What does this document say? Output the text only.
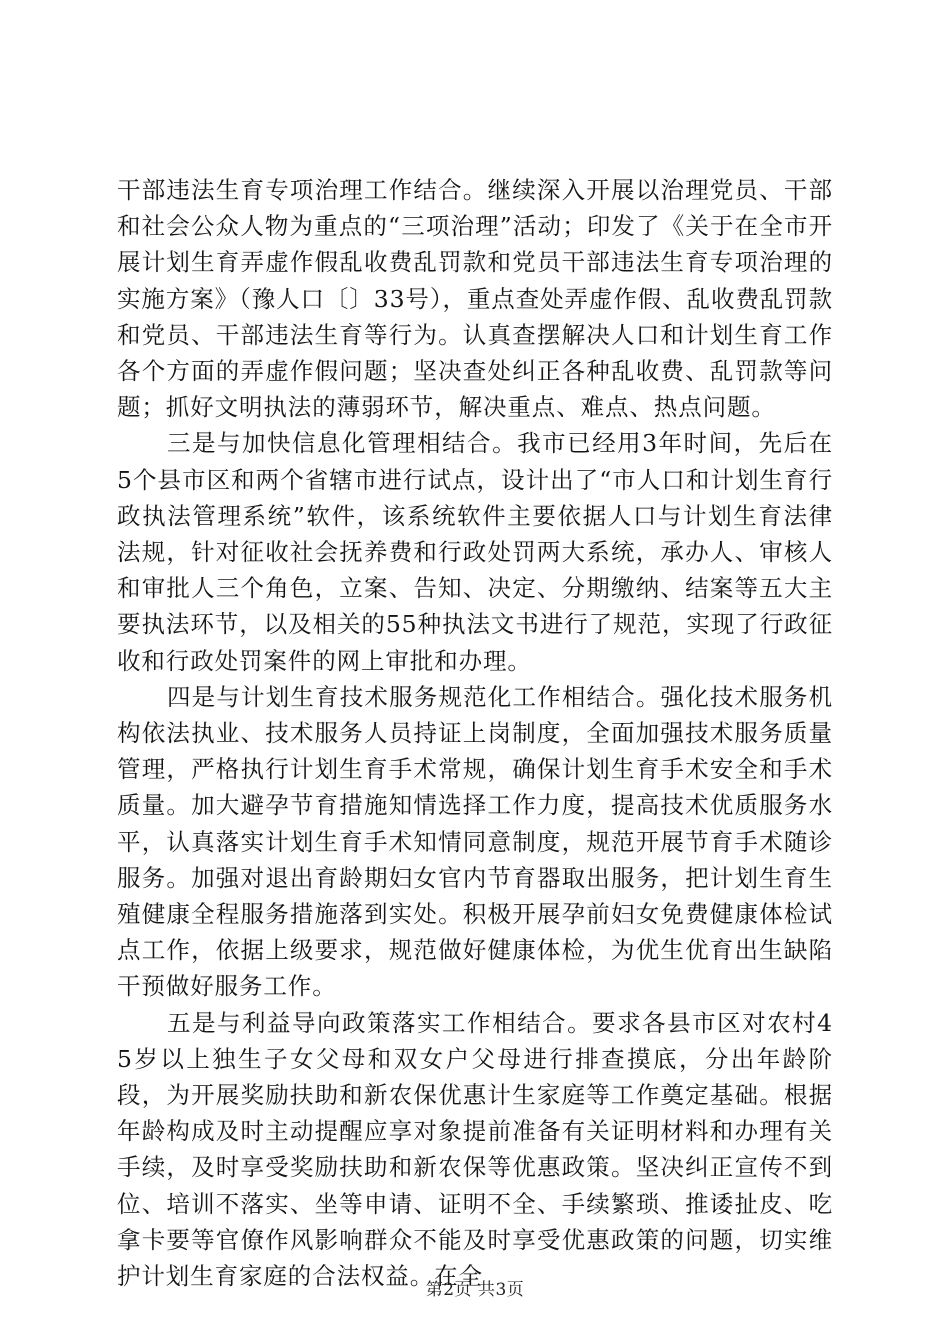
干部违法生育专项治理工作结合。继续深入开展以治理党员、干部和社会公众人物为重点的“三项治理”活动；印发了《关于在全市开展计划生育弄虚作假乱收费乱罚款和党员干部违法生育专项治理的实施方案》（豫人口〔〕33号），重点查处弄虚作假、乱收费乱罚款和党员、干部违法生育等行为。认真查摆解决人口和计划生育工作各个方面的弄虚作假问题；坚决查处纠正各种乱收费、乱罚款等问题；抓好文明执法的薄弱环节，解决重点、难点、热点问题。

三是与加快信息化管理相结合。我市已经用3年时间，先后在5个县市区和两个省辖市进行试点，设计出了“市人口和计划生育行政执法管理系统”软件，该系统软件主要依据人口与计划生育法律法规，针对征收社会抚养费和行政处罚两大系统，承办人、审核人和审批人三个角色，立案、告知、决定、分期缴纳、结案等五大主要执法环节，以及相关的55种执法文书进行了规范，实现了行政征收和行政处罚案件的网上审批和办理。

四是与计划生育技术服务规范化工作相结合。强化技术服务机构依法执业、技术服务人员持证上岗制度，全面加强技术服务质量管理，严格执行计划生育手术常规，确保计划生育手术安全和手术质量。加大避孕节育措施知情选择工作力度，提高技术优质服务水平，认真落实计划生育手术知情同意制度，规范开展节育手术随诊服务。加强对退出育龄期妇女官内节育器取出服务，把计划生育生殖健康全程服务措施落到实处。积极开展孕前妇女免费健康体检试点工作，依据上级要求，规范做好健康体检，为优生优育出生缺陷干预做好服务工作。

五是与利益导向政策落实工作相结合。要求各县市区对农村45岁以上独生子女父母和双女户父母进行排查摸底，分出年龄阶段，为开展奖励扶助和新农保优惠计生家庭等工作奠定基础。根据年龄构成及时主动提醒应享对象提前准备有关证明材料和办理有关手续，及时享受奖励扶助和新农保等优惠政策。坚决纠正宣传不到位、培训不落实、坐等申请、证明不全、手续繁琐、推诿扯皮、吃拿卡要等官僚作风影响群众不能及时享受优惠政策的问题，切实维护计划生育家庭的合法权益。在全

第2页 共3页
